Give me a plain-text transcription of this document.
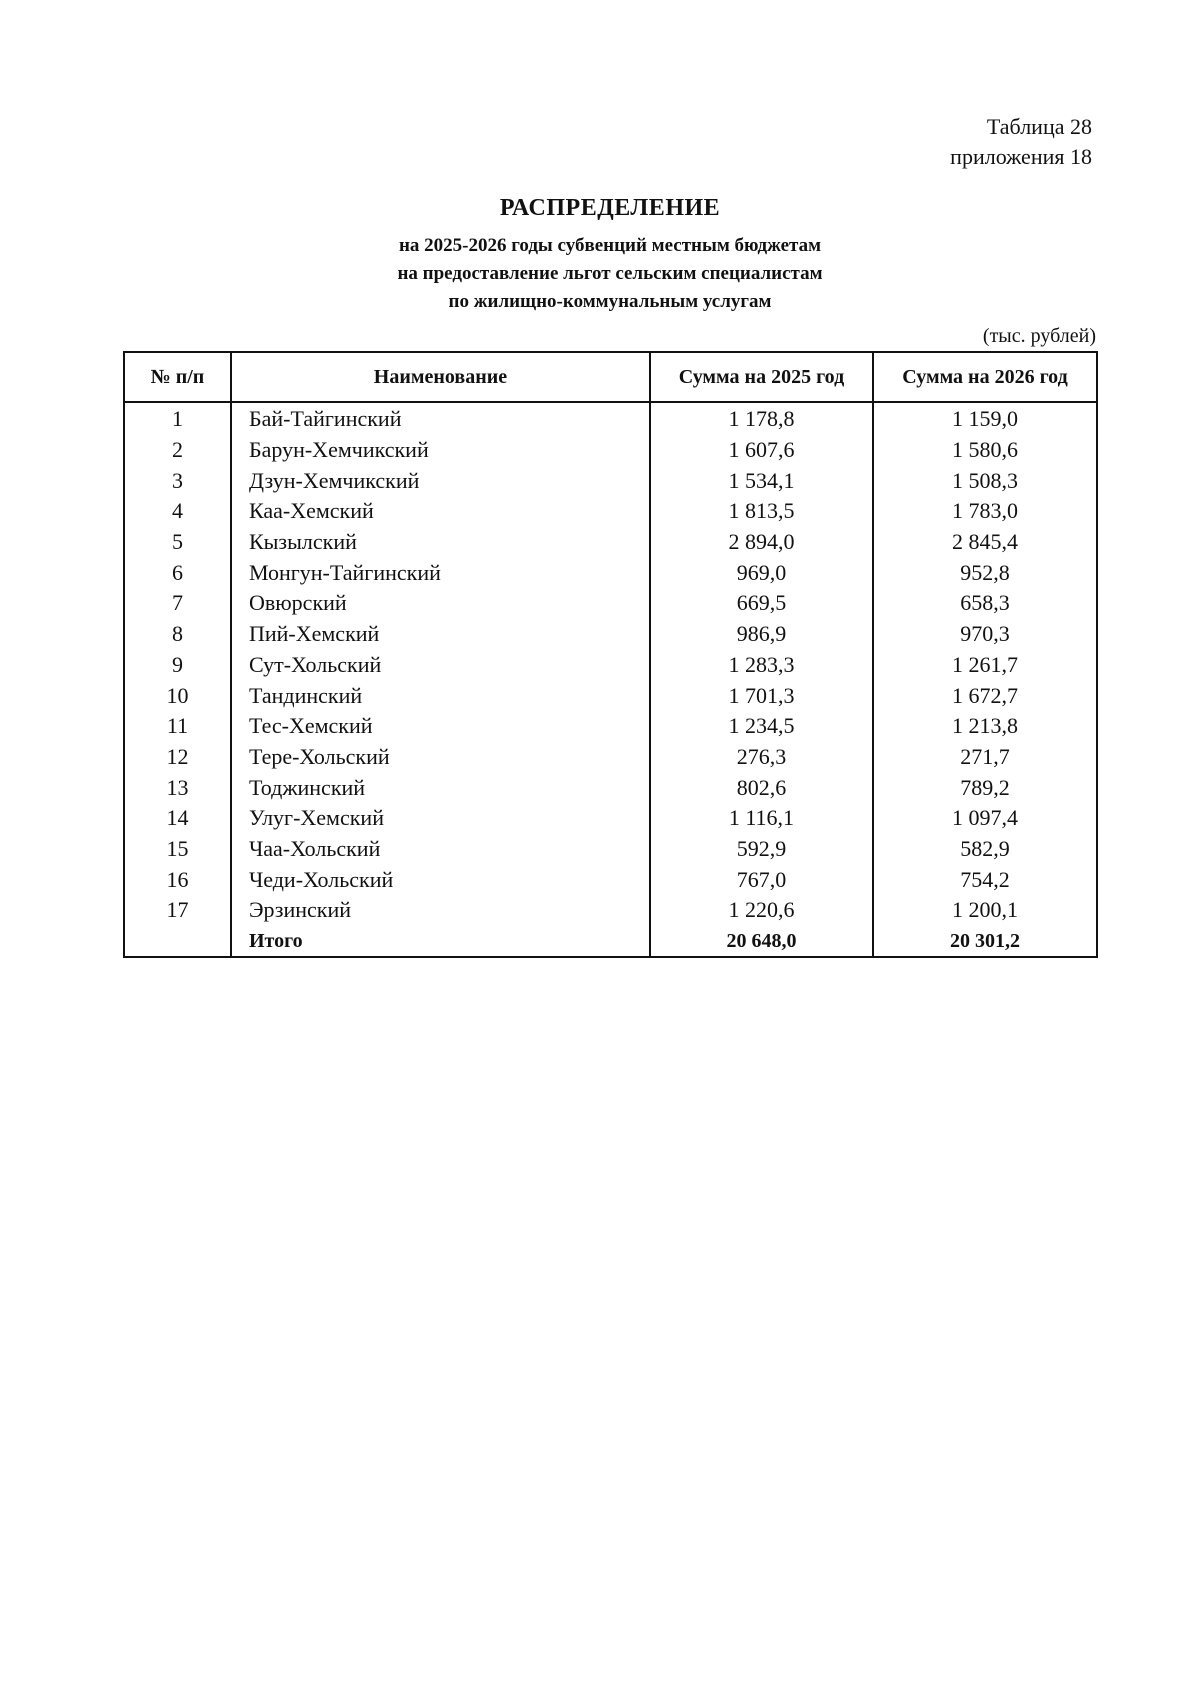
Таблица 28
приложения 18
РАСПРЕДЕЛЕНИЕ
на 2025-2026 годы субвенций местным бюджетам
на предоставление льгот сельским специалистам
по жилищно-коммунальным услугам
(тыс. рублей)
№ п/п	Наименование	Сумма на 2025 год	Сумма на 2026 год
1	Бай-Тайгинский	1 178,8	1 159,0
2	Барун-Хемчикский	1 607,6	1 580,6
3	Дзун-Хемчикский	1 534,1	1 508,3
4	Каа-Хемский	1 813,5	1 783,0
5	Кызылский	2 894,0	2 845,4
6	Монгун-Тайгинский	969,0	952,8
7	Овюрский	669,5	658,3
8	Пий-Хемский	986,9	970,3
9	Сут-Хольский	1 283,3	1 261,7
10	Тандинский	1 701,3	1 672,7
11	Тес-Хемский	1 234,5	1 213,8
12	Тере-Хольский	276,3	271,7
13	Тоджинский	802,6	789,2
14	Улуг-Хемский	1 116,1	1 097,4
15	Чаа-Хольский	592,9	582,9
16	Чеди-Хольский	767,0	754,2
17	Эрзинский	1 220,6	1 200,1
	Итого	20 648,0	20 301,2
